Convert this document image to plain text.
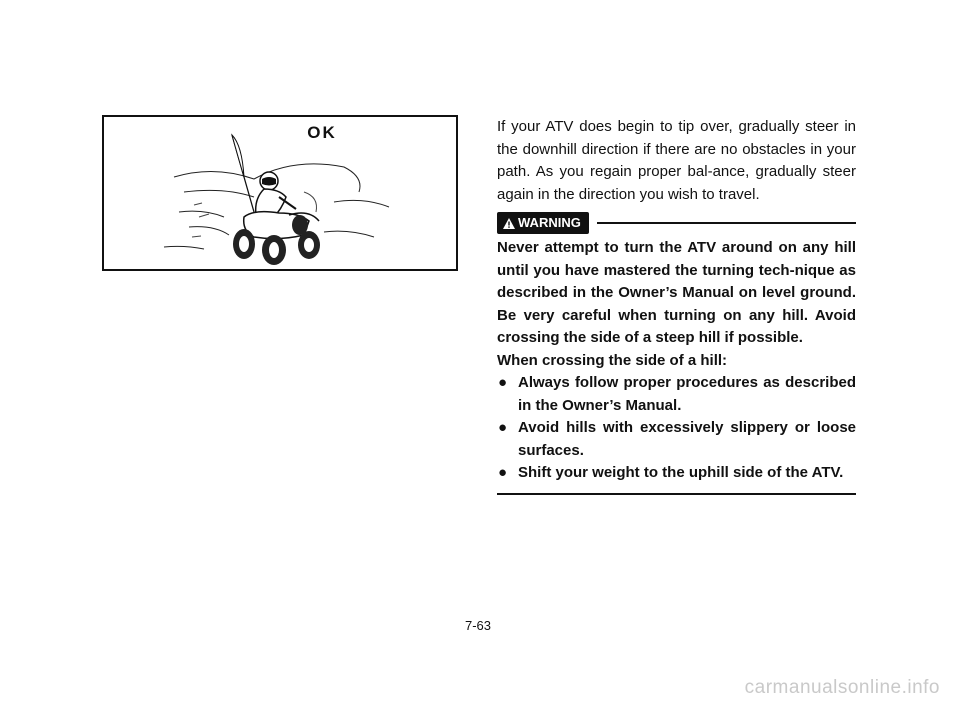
OK	If your ATV does begin to tip over, gradually steer in the downhill direction if there are no obstacles in your path. As you regain proper bal-ance, gradually steer again in the direction you wish to travel.

WARNING

Never attempt to turn the ATV around on any hill until you have mastered the turning tech-nique as described in the Owner’s Manual on level ground. Be very careful when turning on any hill. Avoid crossing the side of a steep hill if possible.

When crossing the side of a hill:

● Always follow proper procedures as described in the Owner’s Manual.
● Avoid hills with excessively slippery or loose surfaces.
● Shift your weight to the uphill side of the ATV.
7-63
carmanualsonline.info
